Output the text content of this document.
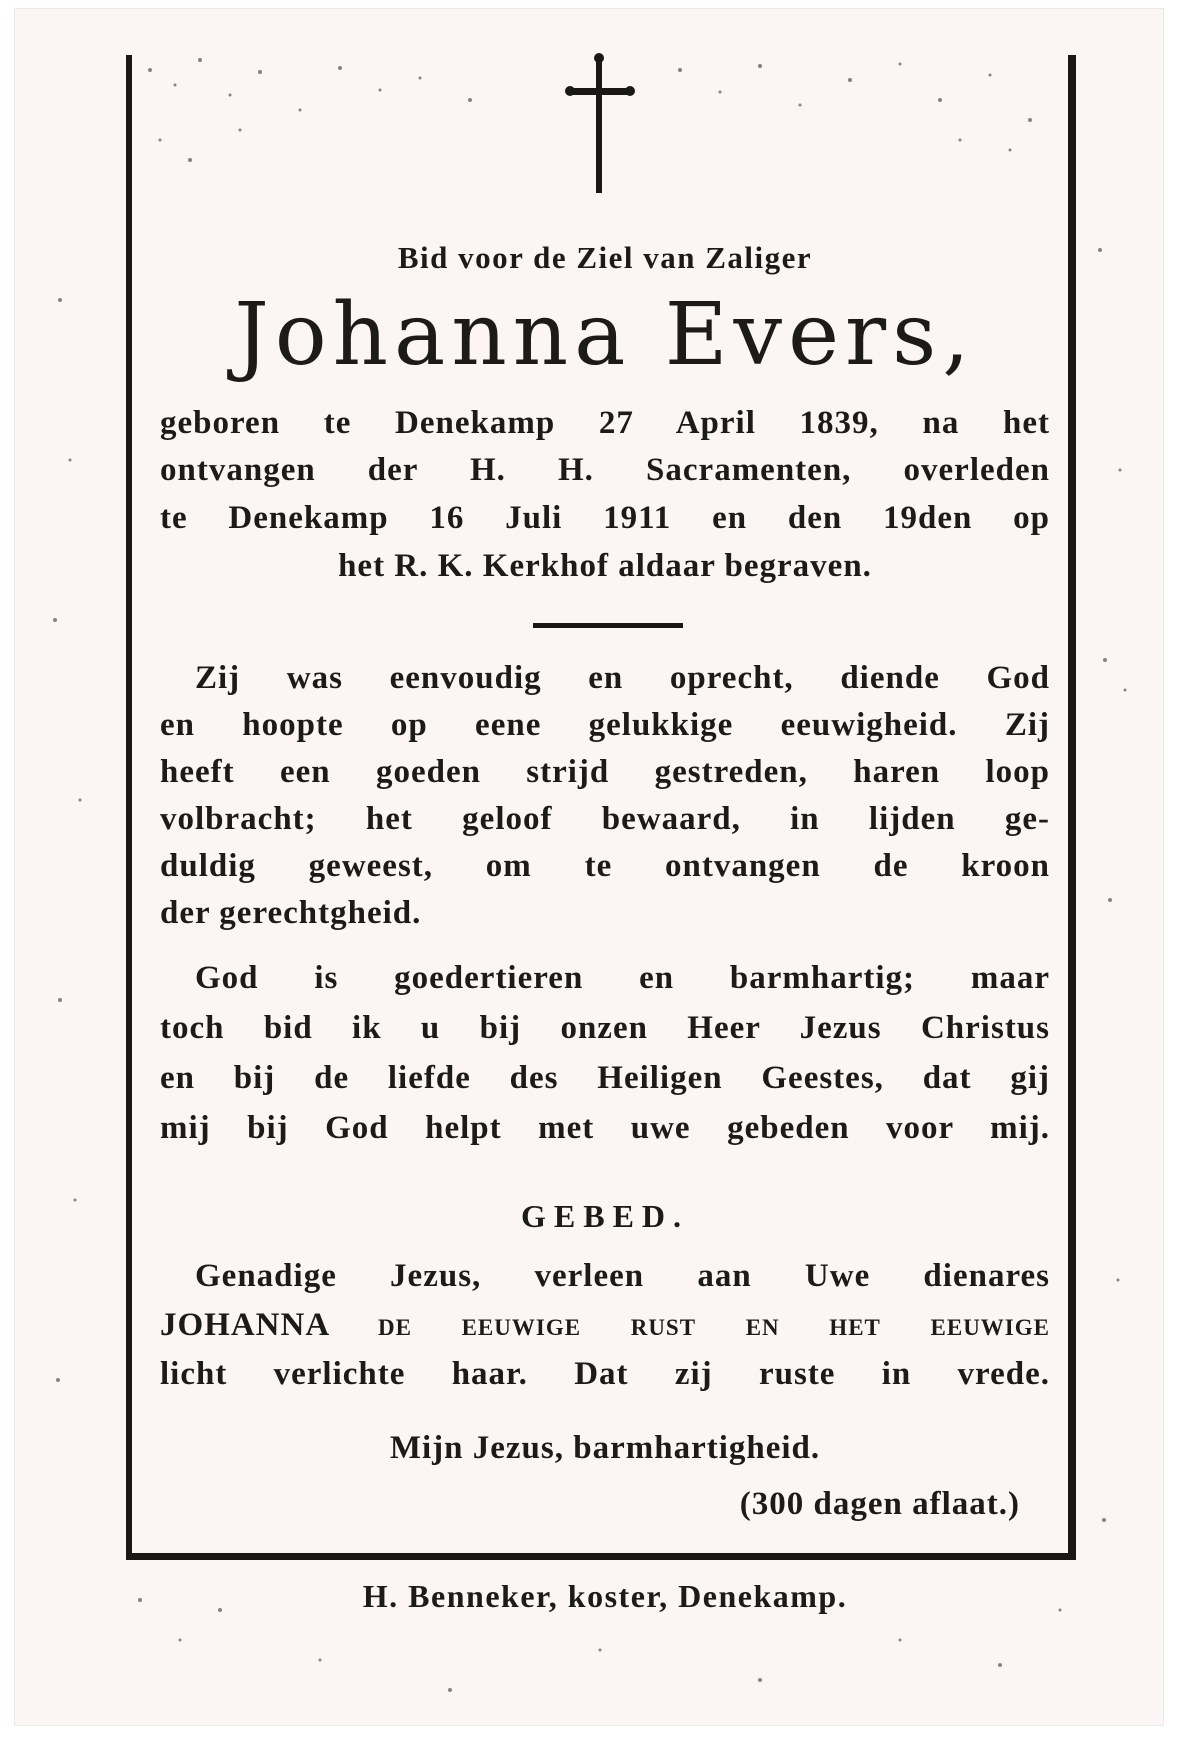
Bid voor de Ziel van Zaliger
Johanna Evers,
geboren te Denekamp 27 April 1839, na het
ontvangen der H. H. Sacramenten, overleden
te Denekamp 16 Juli 1911 en den 19den op
het R. K. Kerkhof aldaar begraven.
Zij was eenvoudig en oprecht, diende God
en hoopte op eene gelukkige eeuwigheid. Zij
heeft een goeden strijd gestreden, haren loop
volbracht; het geloof bewaard, in lijden ge-
duldig geweest, om te ontvangen de kroon
der gerechtgheid.
God is goedertieren en barmhartig; maar
toch bid ik u bij onzen Heer Jezus Christus
en bij de liefde des Heiligen Geestes, dat gij
mij bij God helpt met uwe gebeden voor mij.
GEBED.
Genadige Jezus, verleen aan Uwe dienares
JOHANNA de eeuwige rust en het eeuwige
licht verlichte haar. Dat zij ruste in vrede.
Mijn Jezus, barmhartigheid.
(300 dagen aflaat.)
H. Benneker, koster, Denekamp.
